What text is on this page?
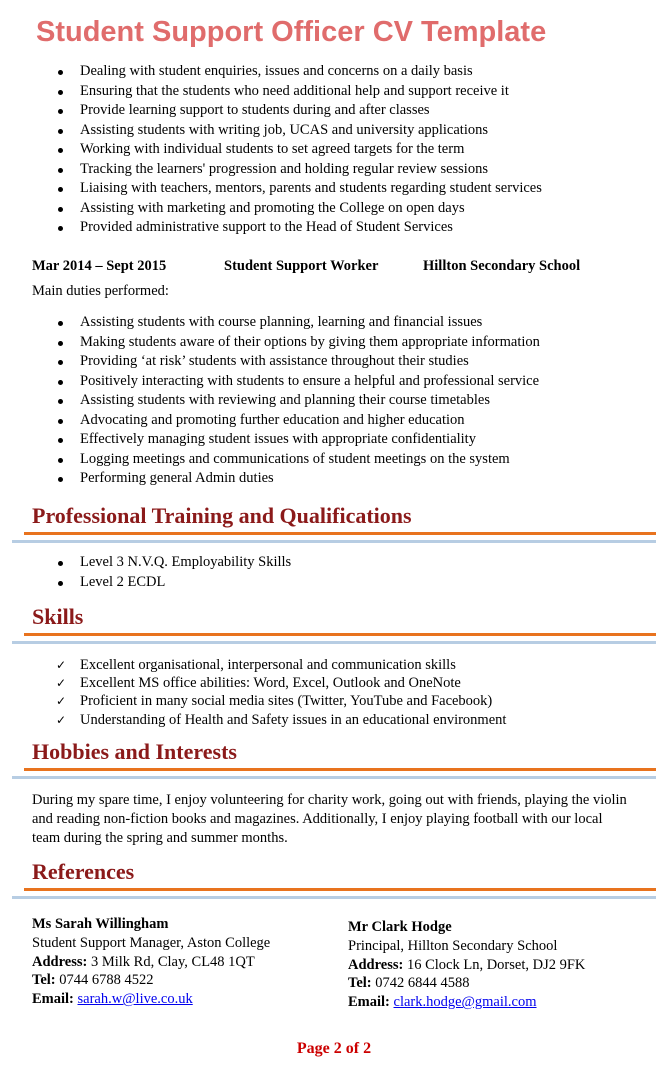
Student Support Officer CV Template
Dealing with student enquiries, issues and concerns on a daily basis
Ensuring that the students who need additional help and support receive it
Provide learning support to students during and after classes
Assisting students with writing job, UCAS and university applications
Working with individual students to set agreed targets for the term
Tracking the learners' progression and holding regular review sessions
Liaising with teachers, mentors, parents and students regarding student services
Assisting with marketing and promoting the College on open days
Provided administrative support to the Head of Student Services
Mar 2014 – Sept 2015	Student Support Worker	Hillton Secondary School

Main duties performed:

Assisting students with course planning, learning and financial issues
Making students aware of their options by giving them appropriate information
Providing ‘at risk’ students with assistance throughout their studies
Positively interacting with students to ensure a helpful and professional service
Assisting students with reviewing and planning their course timetables
Advocating and promoting further education and higher education
Effectively managing student issues with appropriate confidentiality
Logging meetings and communications of student meetings on the system
Performing general Admin duties
Professional Training and Qualifications
Level 3 N.V.Q. Employability Skills
Level 2 ECDL
Skills
✓ Excellent organisational, interpersonal and communication skills
✓ Excellent MS office abilities: Word, Excel, Outlook and OneNote
✓ Proficient in many social media sites (Twitter, YouTube and Facebook)
✓ Understanding of Health and Safety issues in an educational environment
Hobbies and Interests

During my spare time, I enjoy volunteering for charity work, going out with friends, playing the violin and reading non-fiction books and magazines. Additionally, I enjoy playing football with our local team during the spring and summer months.

References
Ms Sarah Willingham
Student Support Manager, Aston College
Address: 3 Milk Rd, Clay, CL48 1QT
Tel: 0744 6788 4522
Email: sarah.w@live.co.uk
Mr Clark Hodge
Principal, Hillton Secondary School
Address: 16 Clock Ln, Dorset, DJ2 9FK
Tel: 0742 6844 4588
Email: clark.hodge@gmail.com
Page 2 of 2
